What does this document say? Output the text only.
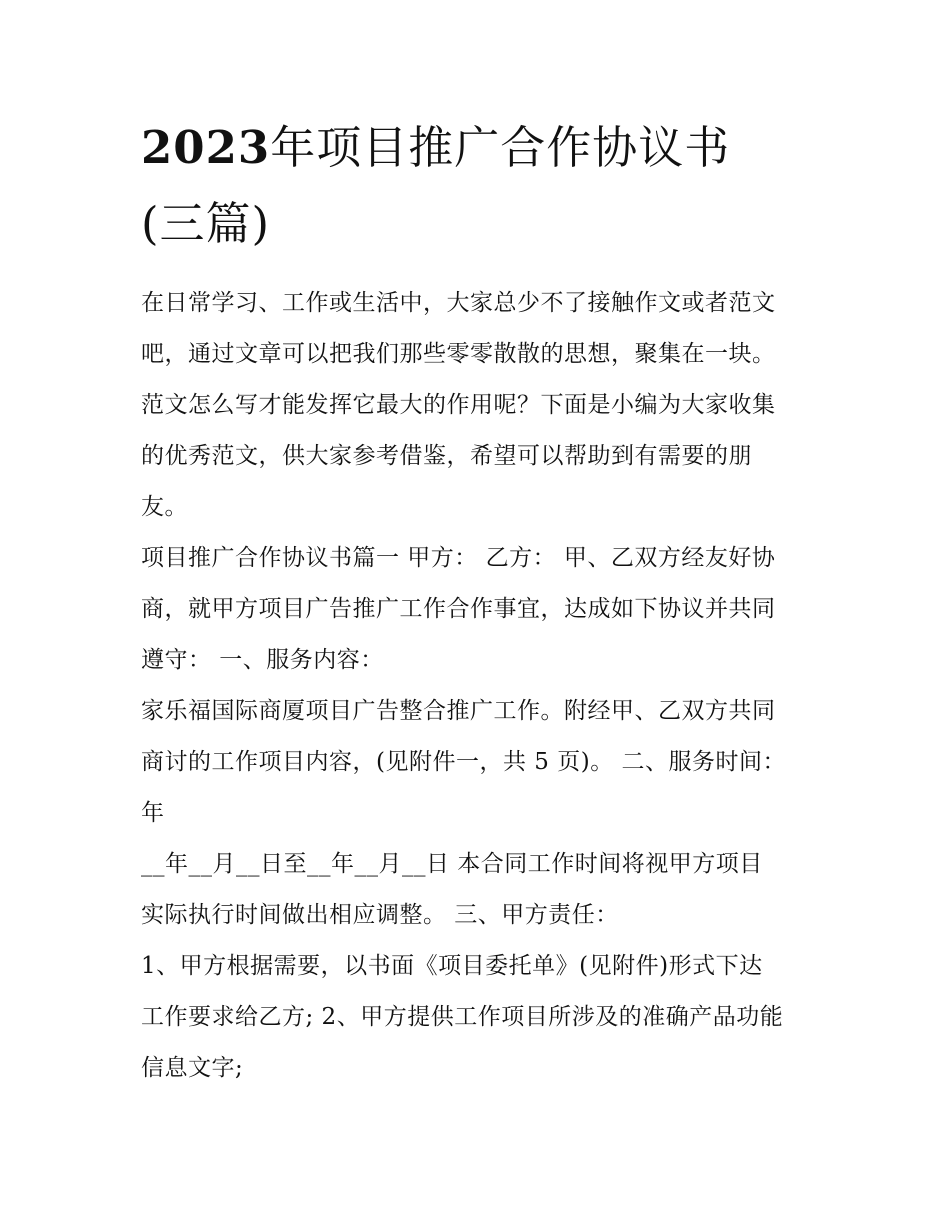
2023年项目推广合作协议书
(三篇)
在日常学习、工作或生活中，大家总少不了接触作文或者范文
吧，通过文章可以把我们那些零零散散的思想，聚集在一块。
范文怎么写才能发挥它最大的作用呢？下面是小编为大家收集
的优秀范文，供大家参考借鉴，希望可以帮助到有需要的朋
友。
项目推广合作协议书篇一 甲方： 乙方： 甲、乙双方经友好协
商，就甲方项目广告推广工作合作事宜，达成如下协议并共同
遵守： 一、服务内容：
家乐福国际商厦项目广告整合推广工作。附经甲、乙双方共同
商讨的工作项目内容，(见附件一，共 5 页)。 二、服务时间：
年
__年__月__日至__年__月__日 本合同工作时间将视甲方项目
实际执行时间做出相应调整。 三、甲方责任：
1、甲方根据需要，以书面《项目委托单》(见附件)形式下达
工作要求给乙方; 2、甲方提供工作项目所涉及的准确产品功能
信息文字;
